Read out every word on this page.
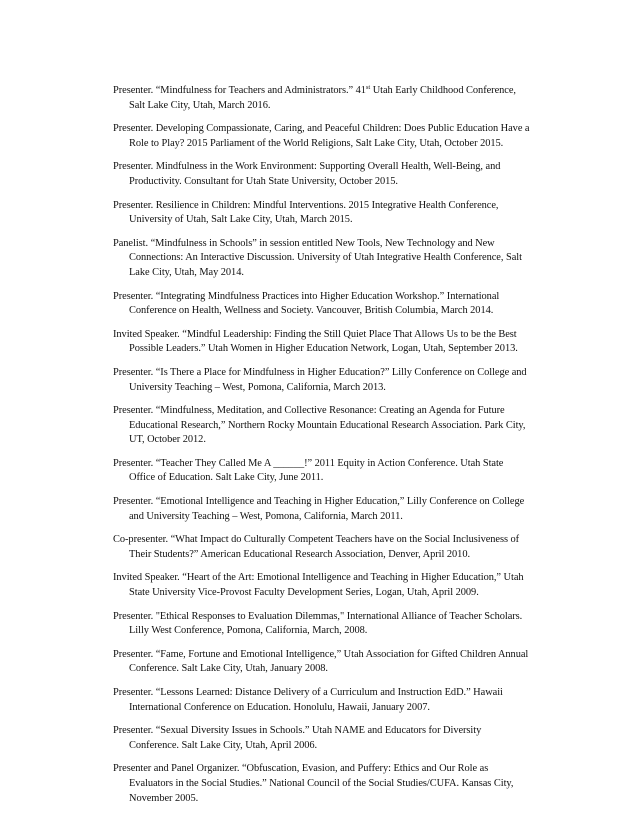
Presenter. “Mindfulness for Teachers and Administrators.” 41st Utah Early Childhood Conference, Salt Lake City, Utah, March 2016.

Presenter. Developing Compassionate, Caring, and Peaceful Children: Does Public Education Have a Role to Play? 2015 Parliament of the World Religions, Salt Lake City, Utah, October 2015.

Presenter. Mindfulness in the Work Environment: Supporting Overall Health, Well-Being, and Productivity. Consultant for Utah State University, October 2015.

Presenter. Resilience in Children: Mindful Interventions. 2015 Integrative Health Conference, University of Utah, Salt Lake City, Utah, March 2015.

Panelist. “Mindfulness in Schools” in session entitled New Tools, New Technology and New Connections: An Interactive Discussion. University of Utah Integrative Health Conference, Salt Lake City, Utah, May 2014.

Presenter. “Integrating Mindfulness Practices into Higher Education Workshop.” International Conference on Health, Wellness and Society. Vancouver, British Columbia, March 2014.

Invited Speaker. “Mindful Leadership: Finding the Still Quiet Place That Allows Us to be the Best Possible Leaders.” Utah Women in Higher Education Network, Logan, Utah, September 2013.

Presenter. “Is There a Place for Mindfulness in Higher Education?” Lilly Conference on College and University Teaching – West, Pomona, California, March 2013.

Presenter. “Mindfulness, Meditation, and Collective Resonance: Creating an Agenda for Future Educational Research,” Northern Rocky Mountain Educational Research Association. Park City, UT, October 2012.

Presenter. “Teacher They Called Me A ______!” 2011 Equity in Action Conference. Utah State Office of Education. Salt Lake City, June 2011.

Presenter. “Emotional Intelligence and Teaching in Higher Education,” Lilly Conference on College and University Teaching – West, Pomona, California, March 2011.

Co-presenter. “What Impact do Culturally Competent Teachers have on the Social Inclusiveness of Their Students?” American Educational Research Association, Denver, April 2010.

Invited Speaker. “Heart of the Art: Emotional Intelligence and Teaching in Higher Education,” Utah State University Vice-Provost Faculty Development Series, Logan, Utah, April 2009.

Presenter. "Ethical Responses to Evaluation Dilemmas," International Alliance of Teacher Scholars. Lilly West Conference, Pomona, California, March, 2008.

Presenter. “Fame, Fortune and Emotional Intelligence,” Utah Association for Gifted Children Annual Conference. Salt Lake City, Utah, January 2008.

Presenter. “Lessons Learned: Distance Delivery of a Curriculum and Instruction EdD.” Hawaii International Conference on Education. Honolulu, Hawaii, January 2007.

Presenter. “Sexual Diversity Issues in Schools.” Utah NAME and Educators for Diversity Conference. Salt Lake City, Utah, April 2006.

Presenter and Panel Organizer. “Obfuscation, Evasion, and Puffery: Ethics and Our Role as Evaluators in the Social Studies.” National Council of the Social Studies/CUFA. Kansas City, November 2005.
